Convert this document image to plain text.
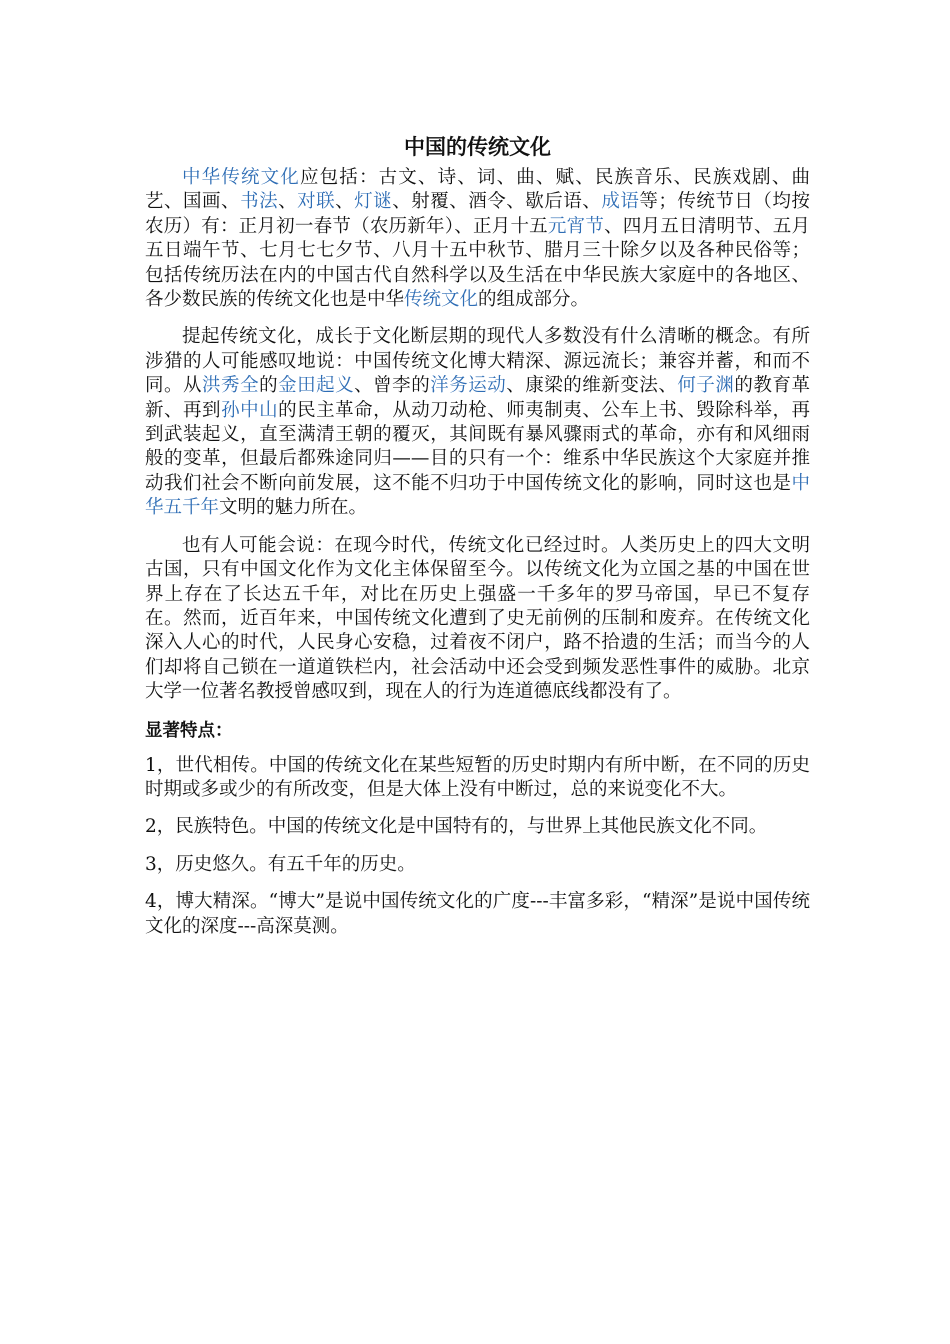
中国的传统文化

中华传统文化应包括：古文、诗、词、曲、赋、民族音乐、民族戏剧、曲艺、国画、书法、对联、灯谜、射覆、酒令、歇后语、成语等；传统节日（均按农历）有：正月初一春节（农历新年）、正月十五元宵节、四月五日清明节、五月五日端午节、七月七七夕节、八月十五中秋节、腊月三十除夕以及各种民俗等；包括传统历法在内的中国古代自然科学以及生活在中华民族大家庭中的各地区、各少数民族的传统文化也是中华传统文化的组成部分。

提起传统文化，成长于文化断层期的现代人多数没有什么清晰的概念。有所涉猎的人可能感叹地说：中国传统文化博大精深、源远流长；兼容并蓄，和而不同。从洪秀全的金田起义、曾李的洋务运动、康梁的维新变法、何子渊的教育革新、再到孙中山的民主革命，从动刀动枪、师夷制夷、公车上书、毁除科举，再到武装起义，直至满清王朝的覆灭，其间既有暴风骤雨式的革命，亦有和风细雨般的变革，但最后都殊途同归——目的只有一个：维系中华民族这个大家庭并推动我们社会不断向前发展，这不能不归功于中国传统文化的影响，同时这也是中华五千年文明的魅力所在。

也有人可能会说：在现今时代，传统文化已经过时。人类历史上的四大文明古国，只有中国文化作为文化主体保留至今。以传统文化为立国之基的中国在世界上存在了长达五千年，对比在历史上强盛一千多年的罗马帝国，早已不复存在。然而，近百年来，中国传统文化遭到了史无前例的压制和废弃。在传统文化深入人心的时代，人民身心安稳，过着夜不闭户，路不拾遗的生活；而当今的人们却将自己锁在一道道铁栏内，社会活动中还会受到频发恶性事件的威胁。北京大学一位著名教授曾感叹到，现在人的行为连道德底线都没有了。

显著特点：

1，世代相传。中国的传统文化在某些短暂的历史时期内有所中断，在不同的历史时期或多或少的有所改变，但是大体上没有中断过，总的来说变化不大。

2，民族特色。中国的传统文化是中国特有的，与世界上其他民族文化不同。

3，历史悠久。有五千年的历史。

4，博大精深。“博大”是说中国传统文化的广度---丰富多彩，“精深”是说中国传统文化的深度---高深莫测。
